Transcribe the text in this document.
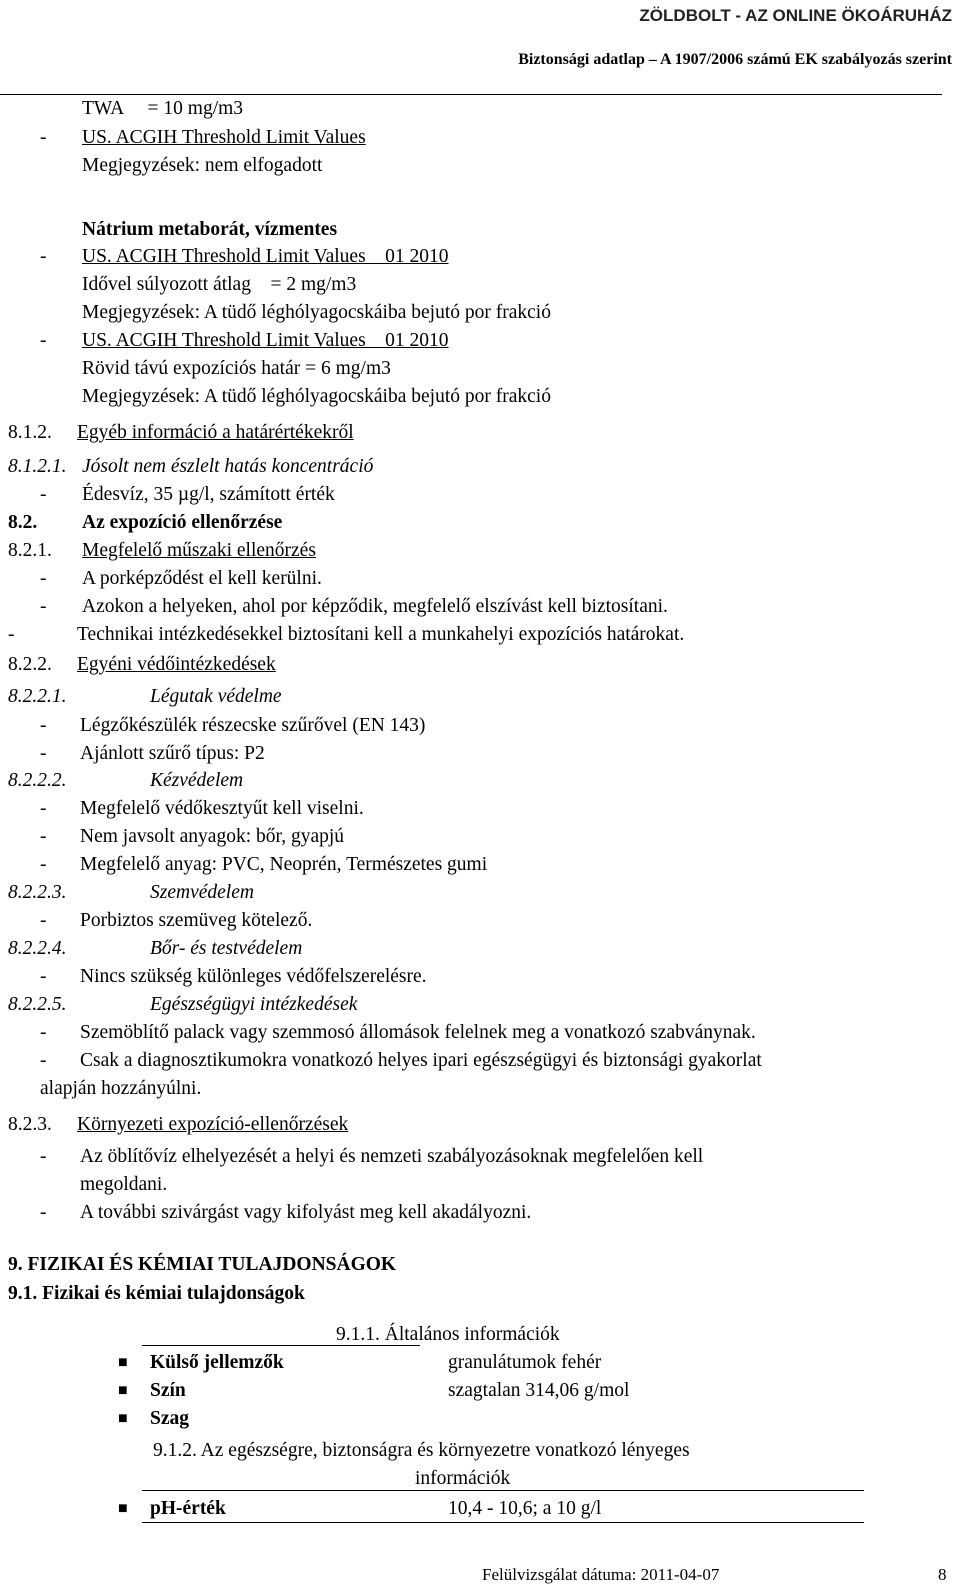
ZÖLDBOLT - AZ ONLINE ÖKOÁRUHÁZ
Biztonsági adatlap – A 1907/2006 számú EK szabályozás szerint
TWA     = 10 mg/m3
- US. ACGIH Threshold Limit Values
Megjegyzések: nem elfogadott
Nátrium metaborát, vízmentes
- US. ACGIH Threshold Limit Values    01 2010
Idővel súlyozott átlag    = 2 mg/m3
Megjegyzések: A tüdő léghólyagocskáiba bejutó por frakció
- US. ACGIH Threshold Limit Values    01 2010
Rövid távú expozíciós határ = 6 mg/m3
Megjegyzések: A tüdő léghólyagocskáiba bejutó por frakció
8.1.2. Egyéb információ a határértékekről
8.1.2.1. Jósolt nem észlelt hatás koncentráció
- Édesvíz, 35 µg/l, számított érték
8.2. Az expozíció ellenőrzése
8.2.1. Megfelelő műszaki ellenőrzés
- A porképződést el kell kerülni.
- Azokon a helyeken, ahol por képződik, megfelelő elszívást kell biztosítani.
-	Technikai intézkedésekkel biztosítani kell a munkahelyi expozíciós határokat.
8.2.2. Egyéni védőintézkedések
8.2.2.1.	Légutak védelme
- Légzőkészülék részecske szűrővel (EN 143)
- Ajánlott szűrő típus: P2
8.2.2.2.	Kézvédelem
- Megfelelő védőkesztyűt kell viselni.
- Nem javsolt anyagok: bőr, gyapjú
- Megfelelő anyag: PVC, Neoprén, Természetes gumi
8.2.2.3.	Szemvédelem
- Porbiztos szemüveg kötelező.
8.2.2.4.	Bőr- és testvédelem
- Nincs szükség különleges védőfelszerelésre.
8.2.2.5.	Egészségügyi intézkedések
- Szemöblítő palack vagy szemmosó állomások felelnek meg a vonatkozó szabványnak.
- Csak a diagnosztikumokra vonatkozó helyes ipari egészségügyi és biztonsági gyakorlat
alapján hozzányúlni.
8.2.3. Környezeti expozíció-ellenőrzések
- Az öblítővíz elhelyezését a helyi és nemzeti szabályozásoknak megfelelően kell
megoldani.
- A további szivárgást vagy kifolyást meg kell akadályozni.
9. FIZIKAI ÉS KÉMIAI TULAJDONSÁGOK
9.1. Fizikai és kémiai tulajdonságok
9.1.1. Általános információk
■ Külső jellemzők	granulátumok fehér
■ Szín	szagtalan 314,06 g/mol
■ Szag
9.1.2. Az egészségre, biztonságra és környezetre vonatkozó lényeges
információk
■ pH-érték	10,4 - 10,6; a 10 g/l
Felülvizsgálat dátuma: 2011-04-07	8
